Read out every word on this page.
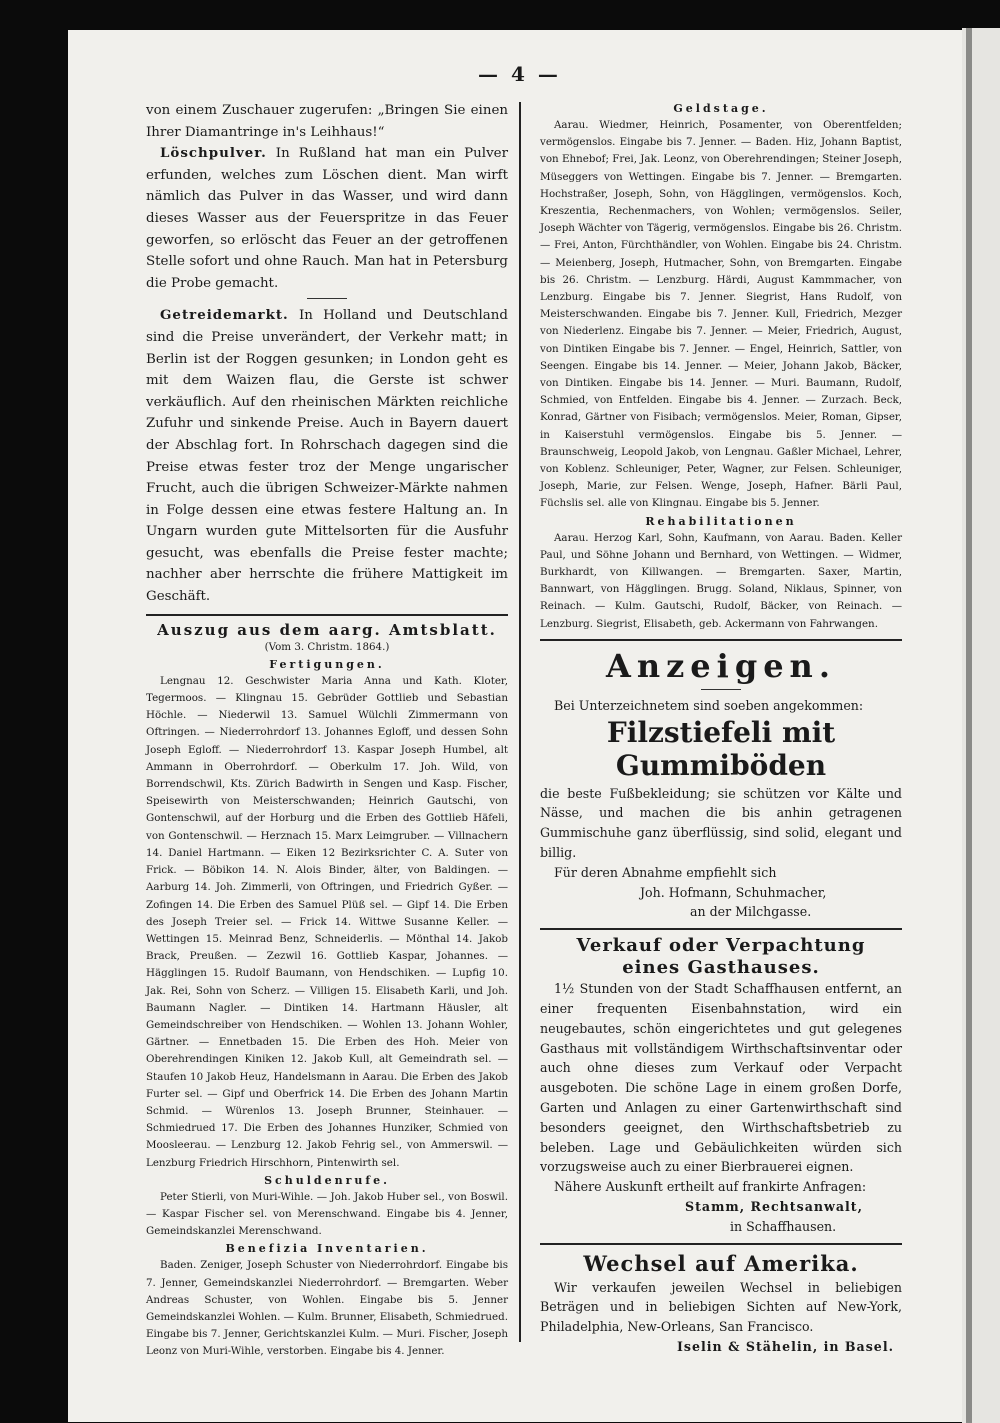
— 4 —

von einem Zuschauer zugerufen: „Bringen Sie einen Ihrer Diamantringe in's Leihhaus!“

Löschpulver. In Rußland hat man ein Pulver erfunden, welches zum Löschen dient. Man wirft nämlich das Pulver in das Wasser, und wird dann dieses Wasser aus der Feuerspritze in das Feuer geworfen, so erlöscht das Feuer an der getroffenen Stelle sofort und ohne Rauch. Man hat in Petersburg die Probe gemacht.

Getreidemarkt. In Holland und Deutschland sind die Preise unverändert, der Verkehr matt; in Berlin ist der Roggen gesunken; in London geht es mit dem Waizen flau, die Gerste ist schwer verkäuflich. Auf den rheinischen Märkten reichliche Zufuhr und sinkende Preise. Auch in Bayern dauert der Abschlag fort. In Rohrschach dagegen sind die Preise etwas fester troz der Menge ungarischer Frucht, auch die übrigen Schweizer-Märkte nahmen in Folge dessen eine etwas festere Haltung an. In Ungarn wurden gute Mittelsorten für die Ausfuhr gesucht, was ebenfalls die Preise fester machte; nachher aber herrschte die frühere Mattigkeit im Geschäft.

Auszug aus dem aarg. Amtsblatt.
(Vom 3. Christm. 1864.)
Fertigungen.

Lengnau 12. Geschwister Maria Anna und Kath. Kloter, Tegermoos. — Klingnau 15. Gebrüder Gottlieb und Sebastian Höchle. — Niederwil 13. Samuel Wülchli Zimmermann von Oftringen. — Niederrohrdorf 13. Johannes Egloff, und dessen Sohn Joseph Egloff. — Niederrohrdorf 13. Kaspar Joseph Humbel, alt Ammann in Oberrohrdorf. — Oberkulm 17. Joh. Wild, von Borrendschwil, Kts. Zürich Badwirth in Sengen und Kasp. Fischer, Speisewirth von Meisterschwanden; Heinrich Gautschi, von Gontenschwil, auf der Horburg und die Erben des Gottlieb Häfeli, von Gontenschwil. — Herznach 15. Marx Leimgruber. — Villnachern 14. Daniel Hartmann. — Eiken 12 Bezirksrichter C. A. Suter von Frick. — Böbikon 14. N. Alois Binder, älter, von Baldingen. — Aarburg 14. Joh. Zimmerli, von Oftringen, und Friedrich Gyßer. — Zofingen 14. Die Erben des Samuel Plüß sel. — Gipf 14. Die Erben des Joseph Treier sel. — Frick 14. Wittwe Susanne Keller. — Wettingen 15. Meinrad Benz, Schneiderlis. — Mönthal 14. Jakob Brack, Preußen. — Zezwil 16. Gottlieb Kaspar, Johannes. — Hägglingen 15. Rudolf Baumann, von Hendschiken. — Lupfig 10. Jak. Rei, Sohn von Scherz. — Villigen 15. Elisabeth Karli, und Joh. Baumann Nagler. — Dintiken 14. Hartmann Häusler, alt Gemeindschreiber von Hendschiken. — Wohlen 13. Johann Wohler, Gärtner. — Ennetbaden 15. Die Erben des Hoh. Meier von Oberehrendingen Kiniken 12. Jakob Kull, alt Gemeindrath sel. — Staufen 10 Jakob Heuz, Handelsmann in Aarau. Die Erben des Jakob Furter sel. — Gipf und Oberfrick 14. Die Erben des Johann Martin Schmid. — Würenlos 13. Joseph Brunner, Steinhauer. — Schmiedrued 17. Die Erben des Johannes Hunziker, Schmied von Moosleerau. — Lenzburg 12. Jakob Fehrig sel., von Ammerswil. — Lenzburg Friedrich Hirschhorn, Pintenwirth sel.

Schuldenrufe.

Peter Stierli, von Muri-Wihle. — Joh. Jakob Huber sel., von Boswil. — Kaspar Fischer sel. von Merenschwand. Eingabe bis 4. Jenner, Gemeindskanzlei Merenschwand.

Benefizia Inventarien.

Baden. Zeniger, Joseph Schuster von Niederrohrdorf. Eingabe bis 7. Jenner, Gemeindskanzlei Niederrohrdorf. — Bremgarten. Weber Andreas Schuster, von Wohlen. Eingabe bis 5. Jenner Gemeindskanzlei Wohlen. — Kulm. Brunner, Elisabeth, Schmiedrued. Eingabe bis 7. Jenner, Gerichtskanzlei Kulm. — Muri. Fischer, Joseph Leonz von Muri-Wihle, verstorben. Eingabe bis 4. Jenner.

Geldstage.

Aarau. Wiedmer, Heinrich, Posamenter, von Oberentfelden; vermögenslos. Eingabe bis 7. Jenner. — Baden. Hiz, Johann Baptist, von Ehnebof; Frei, Jak. Leonz, von Oberehrendingen; Steiner Joseph, Müseggers von Wettingen. Eingabe bis 7. Jenner. — Bremgarten. Hochstraßer, Joseph, Sohn, von Hägglingen, vermögenslos. Koch, Kreszentia, Rechenmachers, von Wohlen; vermögenslos. Seiler, Joseph Wächter von Tägerig, vermögenslos. Eingabe bis 26. Christm. — Frei, Anton, Fürchthändler, von Wohlen. Eingabe bis 24. Christm. — Meienberg, Joseph, Hutmacher, Sohn, von Bremgarten. Eingabe bis 26. Christm. — Lenzburg. Härdi, August Kammmacher, von Lenzburg. Eingabe bis 7. Jenner. Siegrist, Hans Rudolf, von Meisterschwanden. Eingabe bis 7. Jenner. Kull, Friedrich, Mezger von Niederlenz. Eingabe bis 7. Jenner. — Meier, Friedrich, August, von Dintiken Eingabe bis 7. Jenner. — Engel, Heinrich, Sattler, von Seengen. Eingabe bis 14. Jenner. — Meier, Johann Jakob, Bäcker, von Dintiken. Eingabe bis 14. Jenner. — Muri. Baumann, Rudolf, Schmied, von Entfelden. Eingabe bis 4. Jenner. — Zurzach. Beck, Konrad, Gärtner von Fisibach; vermögenslos. Meier, Roman, Gipser, in Kaiserstuhl vermögenslos. Eingabe bis 5. Jenner. — Braunschweig, Leopold Jakob, von Lengnau. Gaßler Michael, Lehrer, von Koblenz. Schleuniger, Peter, Wagner, zur Felsen. Schleuniger, Joseph, Marie, zur Felsen. Wenge, Joseph, Hafner. Bärli Paul, Füchslis sel. alle von Klingnau. Eingabe bis 5. Jenner.

Rehabilitationen

Aarau. Herzog Karl, Sohn, Kaufmann, von Aarau. Baden. Keller Paul, und Söhne Johann und Bernhard, von Wettingen. — Widmer, Burkhardt, von Killwangen. — Bremgarten. Saxer, Martin, Bannwart, von Hägglingen. Brugg. Soland, Niklaus, Spinner, von Reinach. — Kulm. Gautschi, Rudolf, Bäcker, von Reinach. — Lenzburg. Siegrist, Elisabeth, geb. Ackermann von Fahrwangen.

Anzeigen.

Bei Unterzeichnetem sind soeben angekommen:

Filzstiefeli mit Gummiböden

die beste Fußbekleidung; sie schützen vor Kälte und Nässe, und machen die bis anhin getragenen Gummischuhe ganz überflüssig, sind solid, elegant und billig.

Für deren Abnahme empfiehlt sich

Joh. Hofmann, Schuhmacher,

an der Milchgasse.

Verkauf oder Verpachtung
eines Gasthauses.

1½ Stunden von der Stadt Schaffhausen entfernt, an einer frequenten Eisenbahnstation, wird ein neugebautes, schön eingerichtetes und gut gelegenes Gasthaus mit vollständigem Wirthschaftsinventar oder auch ohne dieses zum Verkauf oder Verpacht ausgeboten. Die schöne Lage in einem großen Dorfe, Garten und Anlagen zu einer Gartenwirthschaft sind besonders geeignet, den Wirthschaftsbetrieb zu beleben. Lage und Gebäulichkeiten würden sich vorzugsweise auch zu einer Bierbrauerei eignen.

Nähere Auskunft ertheilt auf frankirte Anfragen:

Stamm, Rechtsanwalt,

in Schaffhausen.

Wechsel auf Amerika.

Wir verkaufen jeweilen Wechsel in beliebigen Beträgen und in beliebigen Sichten auf New-York, Philadelphia, New-Orleans, San Francisco.

Iselin & Stähelin, in Basel.
